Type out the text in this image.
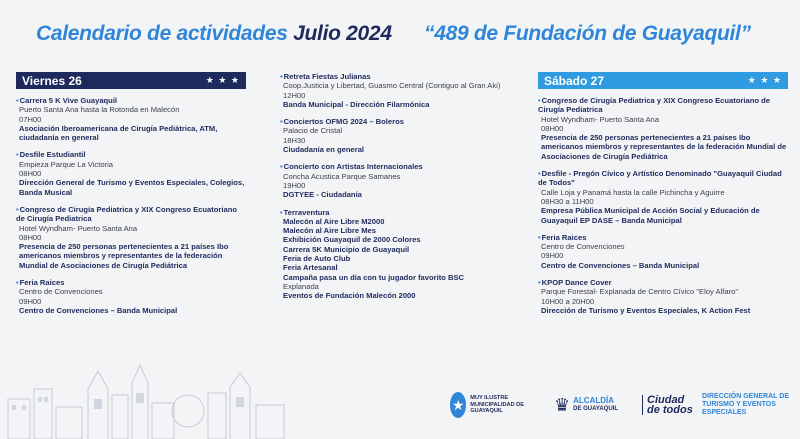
Calendario de actividades Julio 2024 “489 de Fundación de Guayaquil”
Viernes 26	★ ★ ★
•Carrera 5 K Vive Guayaquil
Puerto Santa Ana hasta la Rotonda en Malecón
07H00
Asociación Iberoamericana de Cirugía Pediátrica, ATM, ciudadanía en general
•Desfile Estudiantil
Empieza Parque La Victoria
08H00
Dirección General de Turismo y Eventos Especiales, Colegios, Banda Musical
•Congreso de Cirugía Pediatrica y XIX Congreso Ecuatoriano de Cirugía Pediatrica
Hotel Wyndham- Puerto Santa Ana
08H00
Presencia de 250 personas pertenecientes a 21 países Ibo americanos miembros y representantes de la federación Mundial de Asociaciones de Cirugía Pediátrica
•Feria Raices
Centro de Convenciones
09H00
Centro de Convenciones – Banda Municipal
•Retreta Fiestas Julianas
Coop.Justicia y Libertad, Guasmo Central (Contiguo al Gran Aki)
12H00
Banda Municipal - Dirección Filarmónica
•Conciertos OFMG 2024 – Boleros
Palacio de Cristal
18H30
Ciudadanía en general
•Concierto con Artistas Internacionales
Concha Acustica Parque Samanes
19H00
DGTYEE - Ciudadanía
•Terraventura
Malecón al Aire Libre M2000
Malecón al Aire Libre Mes
Exhibición Guayaquil de 2000 Colores
Carrera 5K Municipio de Guayaquil
Feria de Auto Club
Feria Artesanal
Campaña pasa un día con tu jugador favorito BSC
Explanada
Eventos de Fundación Malecón 2000
Sábado 27	★ ★ ★
•Congreso de Cirugía Pediatrica y XIX Congreso Ecuatoriano de Cirugía Pediatrica
Hotel Wyndham- Puerto Santa Ana
08H00
Presencia de 250 personas pertenecientes a 21 países Ibo americanos miembros y representantes de la federación Mundial de Asociaciones de Cirugía Pediátrica
•Desfile - Pregón Cívico y Artístico Denominado "Guayaquil Ciudad de Todos"
Calle Loja y Panamá hasta la calle Pichincha y Aguirre
08H30 a 11H00
Empresa Pública Municipal de Acción Social y Educación de Guayaquil EP DASE – Banda Municipal
•Feria Raices
Centro de Convenciones
09H00
Centro de Convenciones – Banda Municipal
•KPOP Dance Cover
Parque Forestal- Explanada de Centro Cívico "Eloy Alfaro"
10H00 a 20H00
Dirección de Turismo y Eventos Especiales, K Action Fest
★	MUY ILUSTRE MUNICIPALIDAD DE GUAYAQUIL	♛ ALCALDÍA
DE GUAYAQUIL
Ciudad de todos
DIRECCIÓN GENERAL DE TURISMO Y EVENTOS ESPECIALES
